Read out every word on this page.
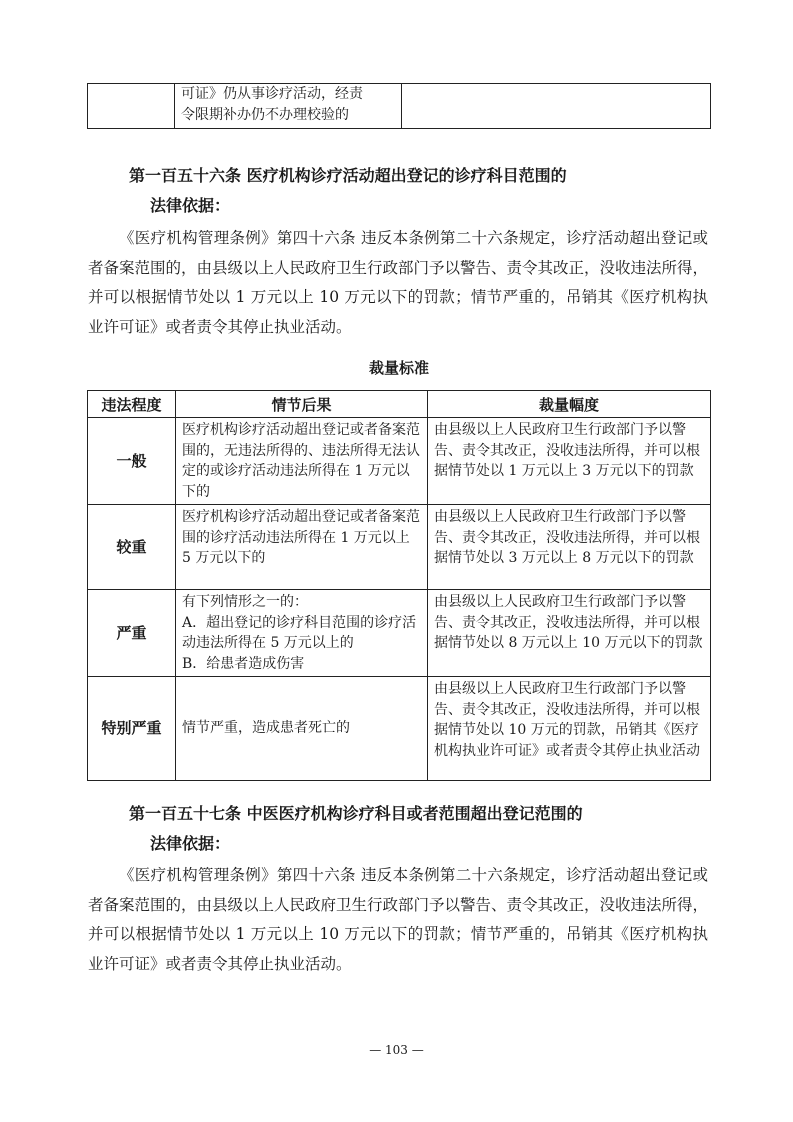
	可证》仍从事诊疗活动，经责
令限期补办仍不办理校验的	
第一百五十六条 医疗机构诊疗活动超出登记的诊疗科目范围的
法律依据：
《医疗机构管理条例》第四十六条 违反本条例第二十六条规定，诊疗活动超出登记或者备案范围的，由县级以上人民政府卫生行政部门予以警告、责令其改正，没收违法所得，并可以根据情节处以 1 万元以上 10 万元以下的罚款；情节严重的，吊销其《医疗机构执业许可证》或者责令其停止执业活动。
裁量标准
违法程度	情节后果	裁量幅度
一般	医疗机构诊疗活动超出登记或者备案范围的，无违法所得的、违法所得无法认定的或诊疗活动违法所得在 1 万元以下的	由县级以上人民政府卫生行政部门予以警告、责令其改正，没收违法所得，并可以根据情节处以 1 万元以上 3 万元以下的罚款
较重	医疗机构诊疗活动超出登记或者备案范围的诊疗活动违法所得在 1 万元以上 5 万元以下的	由县级以上人民政府卫生行政部门予以警告、责令其改正，没收违法所得，并可以根据情节处以 3 万元以上 8 万元以下的罚款
严重	有下列情形之一的：
A．超出登记的诊疗科目范围的诊疗活动违法所得在 5 万元以上的
B．给患者造成伤害	由县级以上人民政府卫生行政部门予以警告、责令其改正，没收违法所得，并可以根据情节处以 8 万元以上 10 万元以下的罚款
特别严重	情节严重，造成患者死亡的	由县级以上人民政府卫生行政部门予以警告、责令其改正，没收违法所得，并可以根据情节处以 10 万元的罚款，吊销其《医疗机构执业许可证》或者责令其停止执业活动
第一百五十七条 中医医疗机构诊疗科目或者范围超出登记范围的
法律依据：
《医疗机构管理条例》第四十六条 违反本条例第二十六条规定，诊疗活动超出登记或者备案范围的，由县级以上人民政府卫生行政部门予以警告、责令其改正，没收违法所得，并可以根据情节处以 1 万元以上 10 万元以下的罚款；情节严重的，吊销其《医疗机构执业许可证》或者责令其停止执业活动。
— 103 —
